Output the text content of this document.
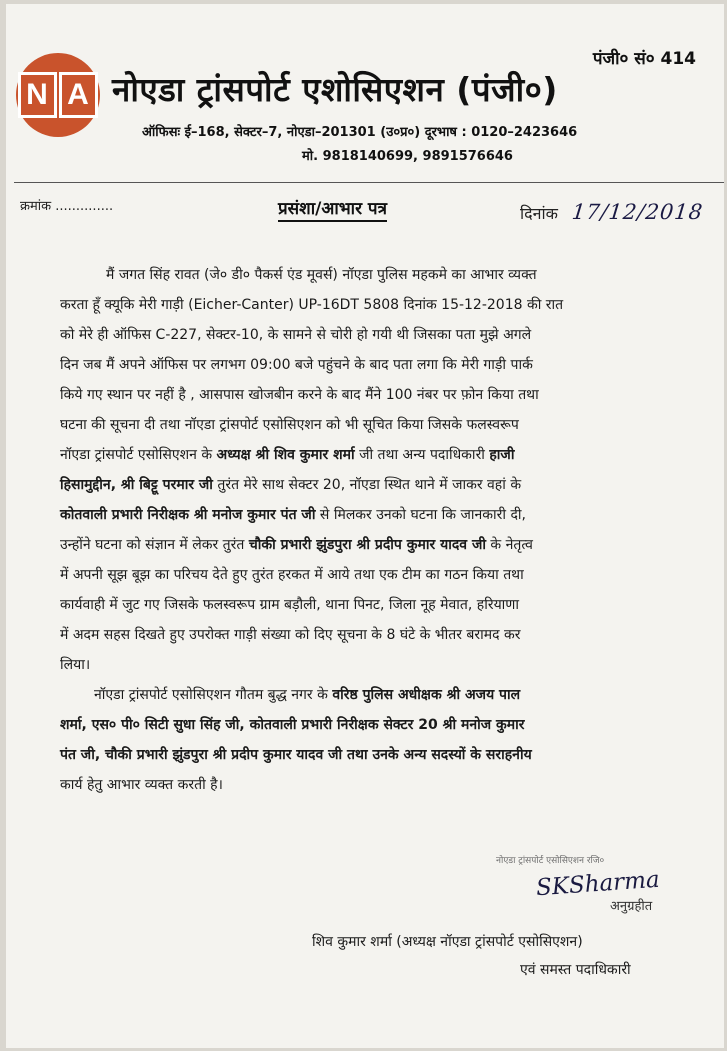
N A
पंजी० सं० 414
नोएडा ट्रांसपोर्ट एशोसिएशन (पंजी०)
ऑफिसः ई–168, सेक्टर–7, नोएडा–201301 (उ०प्र०) दूरभाष : 0120–2423646
मो. 9818140699, 9891576646
क्रमांक ..............	प्रसंशा/आभार पत्र	दिनांक 17/12/2018
मैं जगत सिंह रावत (जे० डी० पैकर्स एंड मूवर्स) नॉएडा पुलिस महकमे का आभार व्यक्त
करता हूँ क्यूकि मेरी गाड़ी (Eicher-Canter) UP-16DT 5808 दिनांक 15-12-2018 की रात
को मेरे ही ऑफिस C-227, सेक्टर-10, के सामने से चोरी हो गयी थी जिसका पता मुझे अगले
दिन जब मैं अपने ऑफिस पर लगभग 09:00 बजे पहुंचने के बाद पता लगा कि मेरी गाड़ी पार्क
किये गए स्थान पर नहीं है , आसपास खोजबीन करने के बाद मैंने 100 नंबर पर फ़ोन किया तथा
घटना की सूचना दी तथा नॉएडा ट्रांसपोर्ट एसोसिएशन को भी सूचित किया जिसके फलस्वरूप
नॉएडा ट्रांसपोर्ट एसोसिएशन के अध्यक्ष श्री शिव कुमार शर्मा जी तथा अन्य पदाधिकारी हाजी
हिसामुद्दीन, श्री बिट्टू परमार जी तुरंत मेरे साथ सेक्टर 20, नॉएडा स्थित थाने में जाकर वहां के
कोतवाली प्रभारी निरीक्षक श्री मनोज कुमार पंत जी से मिलकर उनको घटना कि जानकारी दी,
उन्होंने घटना को संज्ञान में लेकर तुरंत चौकी प्रभारी झुंडपुरा श्री प्रदीप कुमार यादव जी के नेतृत्व
में अपनी सूझ बूझ का परिचय देते हुए तुरंत हरकत में आये तथा एक टीम का गठन किया तथा
कार्यवाही में जुट गए जिसके फलस्वरूप ग्राम बड़ौली, थाना पिनट, जिला नूह मेवात, हरियाणा
में अदम सहस दिखते हुए उपरोक्त गाड़ी संख्या को दिए सूचना के 8 घंटे के भीतर बरामद कर
लिया।
नॉएडा ट्रांसपोर्ट एसोसिएशन गौतम बुद्ध नगर के वरिष्ठ पुलिस अधीक्षक श्री अजय पाल
शर्मा, एस० पी० सिटी सुधा सिंह जी, कोतवाली प्रभारी निरीक्षक सेक्टर 20 श्री मनोज कुमार
पंत जी, चौकी प्रभारी झुंडपुरा श्री प्रदीप कुमार यादव जी तथा उनके अन्य सदस्यों के सराहनीय
कार्य हेतु आभार व्यक्त करती है।
नोएडा ट्रांसपोर्ट एसोसिएशन रजि०
SKSharma
अनुग्रहीत
शिव कुमार शर्मा (अध्यक्ष नॉएडा ट्रांसपोर्ट एसोसिएशन)
एवं समस्त पदाधिकारी
